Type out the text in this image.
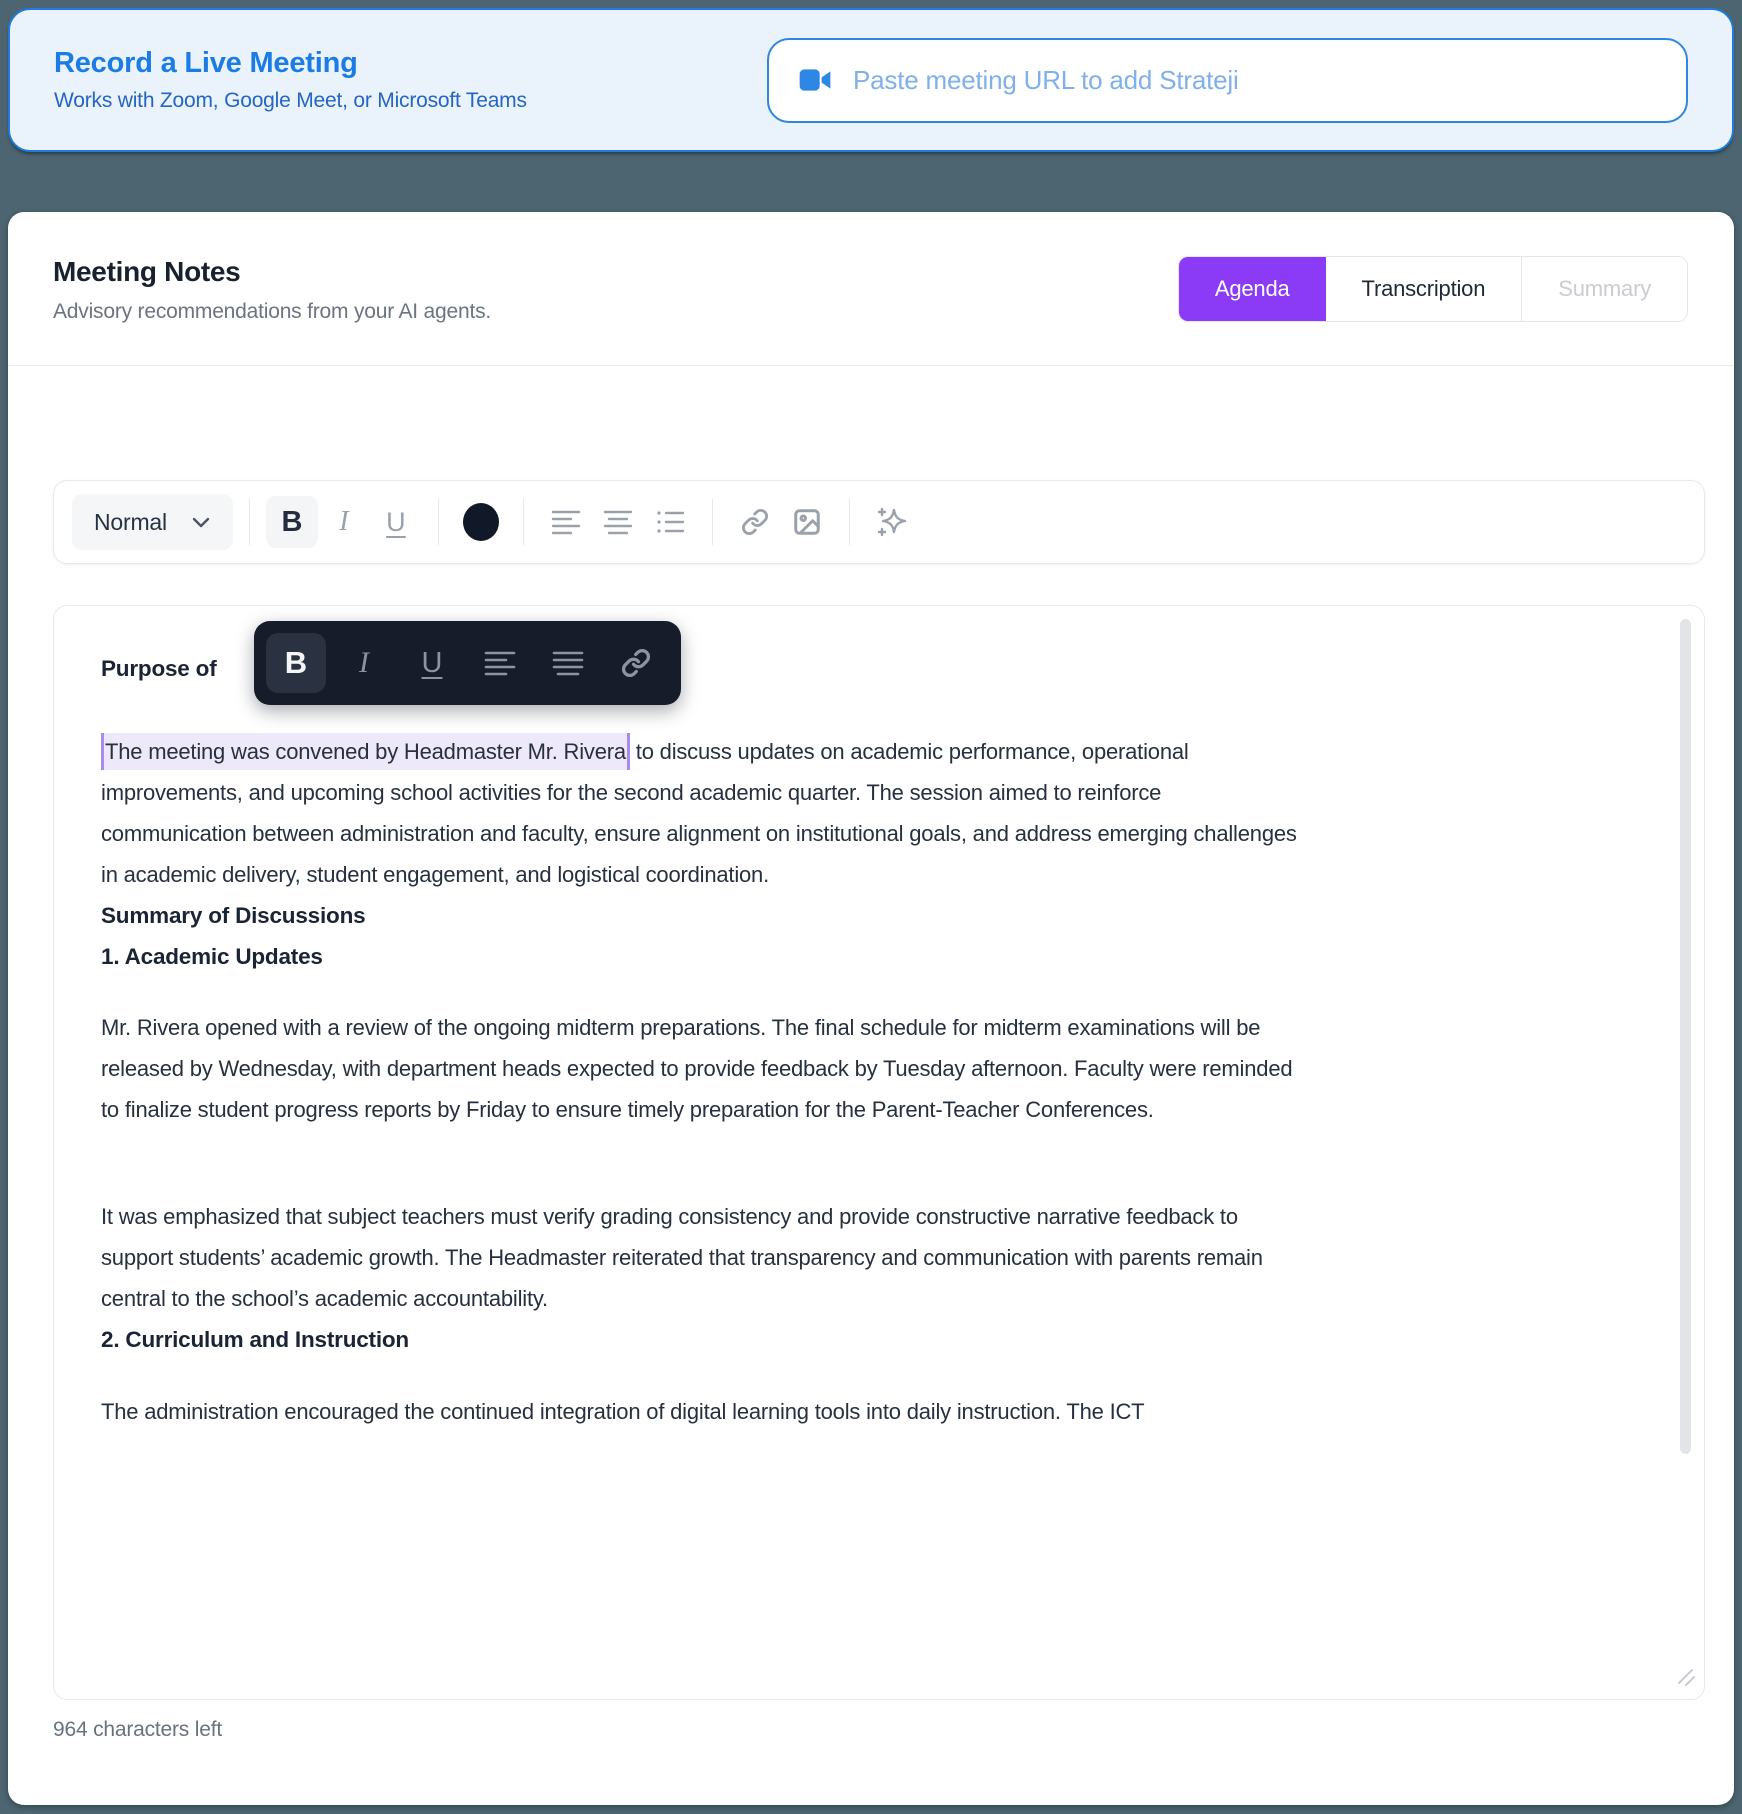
Record a Live Meeting
Works with Zoom, Google Meet, or Microsoft Teams
Paste meeting URL to add Strateji
Meeting Notes
Advisory recommendations from your AI agents.
Agenda	Transcription	Summary
Normal	B I U
B I U
Purpose of

The meeting was convened by Headmaster Mr. Rivera to discuss updates on academic performance, operational improvements, and upcoming school activities for the second academic quarter. The session aimed to reinforce communication between administration and faculty, ensure alignment on institutional goals, and address emerging challenges in academic delivery, student engagement, and logistical coordination.

Summary of Discussions
1. Academic Updates

Mr. Rivera opened with a review of the ongoing midterm preparations. The final schedule for midterm examinations will be released by Wednesday, with department heads expected to provide feedback by Tuesday afternoon. Faculty were reminded to finalize student progress reports by Friday to ensure timely preparation for the Parent-Teacher Conferences.

It was emphasized that subject teachers must verify grading consistency and provide constructive narrative feedback to support students’ academic growth. The Headmaster reiterated that transparency and communication with parents remain central to the school’s academic accountability.

2. Curriculum and Instruction

The administration encouraged the continued integration of digital learning tools into daily instruction. The ICT

964 characters left
